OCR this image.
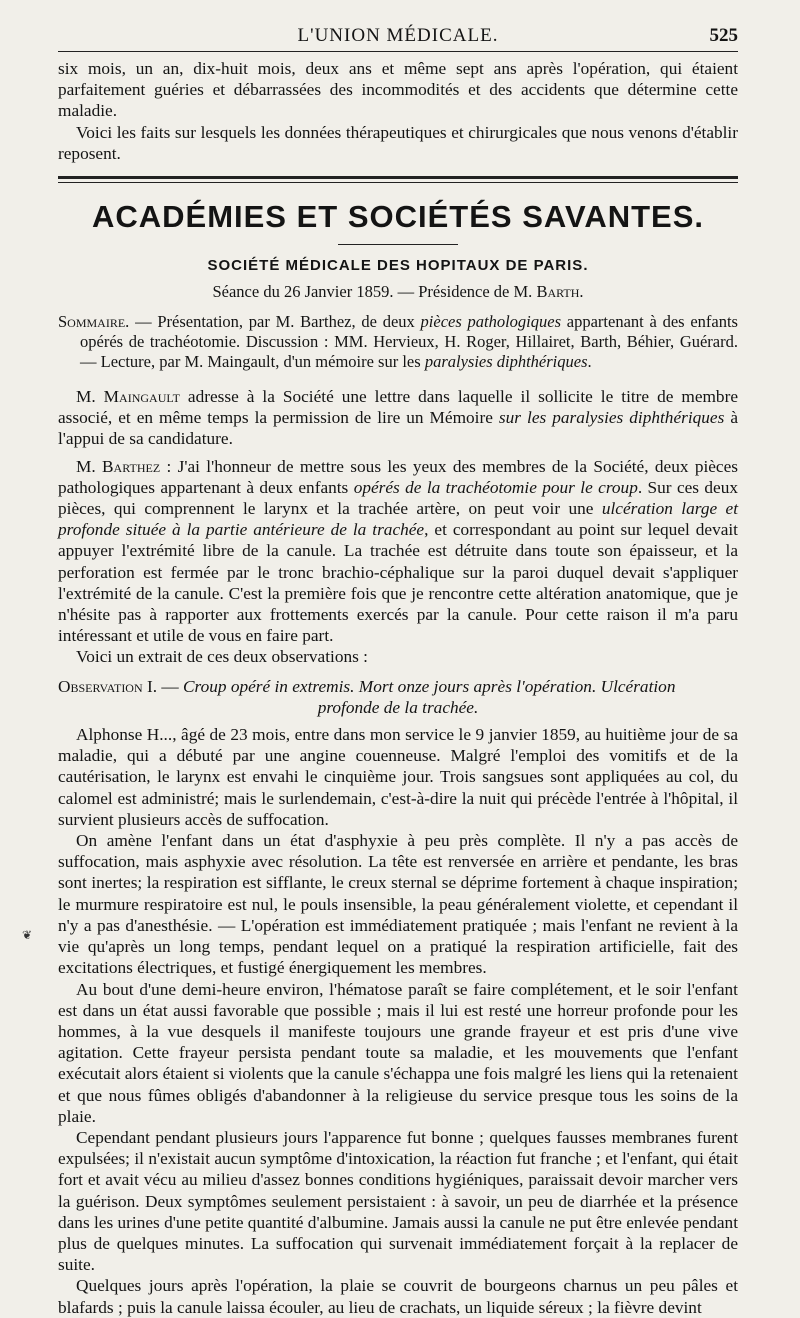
L'UNION MÉDICALE.	525
❦

six mois, un an, dix-huit mois, deux ans et même sept ans après l'opération, qui étaient parfaitement guéries et débarrassées des incommodités et des accidents que détermine cette maladie.

Voici les faits sur lesquels les données thérapeutiques et chirurgicales que nous venons d'établir reposent.

ACADÉMIES ET SOCIÉTÉS SAVANTES.
SOCIÉTÉ MÉDICALE DES HOPITAUX DE PARIS.
Séance du 26 Janvier 1859. — Présidence de M. Barth.

Sommaire. — Présentation, par M. Barthez, de deux pièces pathologiques appartenant à des enfants opérés de trachéotomie. Discussion : MM. Hervieux, H. Roger, Hillairet, Barth, Béhier, Guérard. — Lecture, par M. Maingault, d'un mémoire sur les paralysies diphthériques.

M. Maingault adresse à la Société une lettre dans laquelle il sollicite le titre de membre associé, et en même temps la permission de lire un Mémoire sur les paralysies diphthériques à l'appui de sa candidature.

M. Barthez : J'ai l'honneur de mettre sous les yeux des membres de la Société, deux pièces pathologiques appartenant à deux enfants opérés de la trachéotomie pour le croup. Sur ces deux pièces, qui comprennent le larynx et la trachée artère, on peut voir une ulcération large et profonde située à la partie antérieure de la trachée, et correspondant au point sur lequel devait appuyer l'extrémité libre de la canule. La trachée est détruite dans toute son épaisseur, et la perforation est fermée par le tronc brachio-céphalique sur la paroi duquel devait s'appliquer l'extrémité de la canule. C'est la première fois que je rencontre cette altération anatomique, que je n'hésite pas à rapporter aux frottements exercés par la canule. Pour cette raison il m'a paru intéressant et utile de vous en faire part.

Voici un extrait de ces deux observations :

Observation I. — Croup opéré in extremis. Mort onze jours après l'opération. Ulcération

profonde de la trachée.

Alphonse H..., âgé de 23 mois, entre dans mon service le 9 janvier 1859, au huitième jour de sa maladie, qui a débuté par une angine couenneuse. Malgré l'emploi des vomitifs et de la cautérisation, le larynx est envahi le cinquième jour. Trois sangsues sont appliquées au col, du calomel est administré; mais le surlendemain, c'est-à-dire la nuit qui précède l'entrée à l'hôpital, il survient plusieurs accès de suffocation.

On amène l'enfant dans un état d'asphyxie à peu près complète. Il n'y a pas accès de suffocation, mais asphyxie avec résolution. La tête est renversée en arrière et pendante, les bras sont inertes; la respiration est sifflante, le creux sternal se déprime fortement à chaque inspiration; le murmure respiratoire est nul, le pouls insensible, la peau généralement violette, et cependant il n'y a pas d'anesthésie. — L'opération est immédiatement pratiquée ; mais l'enfant ne revient à la vie qu'après un long temps, pendant lequel on a pratiqué la respiration artificielle, fait des excitations électriques, et fustigé énergiquement les membres.

Au bout d'une demi-heure environ, l'hématose paraît se faire complétement, et le soir l'enfant est dans un état aussi favorable que possible ; mais il lui est resté une horreur profonde pour les hommes, à la vue desquels il manifeste toujours une grande frayeur et est pris d'une vive agitation. Cette frayeur persista pendant toute sa maladie, et les mouvements que l'enfant exécutait alors étaient si violents que la canule s'échappa une fois malgré les liens qui la retenaient et que nous fûmes obligés d'abandonner à la religieuse du service presque tous les soins de la plaie.

Cependant pendant plusieurs jours l'apparence fut bonne ; quelques fausses membranes furent expulsées; il n'existait aucun symptôme d'intoxication, la réaction fut franche ; et l'enfant, qui était fort et avait vécu au milieu d'assez bonnes conditions hygiéniques, paraissait devoir marcher vers la guérison. Deux symptômes seulement persistaient : à savoir, un peu de diarrhée et la présence dans les urines d'une petite quantité d'albumine. Jamais aussi la canule ne put être enlevée pendant plus de quelques minutes. La suffocation qui survenait immédiatement forçait à la replacer de suite.

Quelques jours après l'opération, la plaie se couvrit de bourgeons charnus un peu pâles et blafards ; puis la canule laissa écouler, au lieu de crachats, un liquide séreux ; la fièvre devint
